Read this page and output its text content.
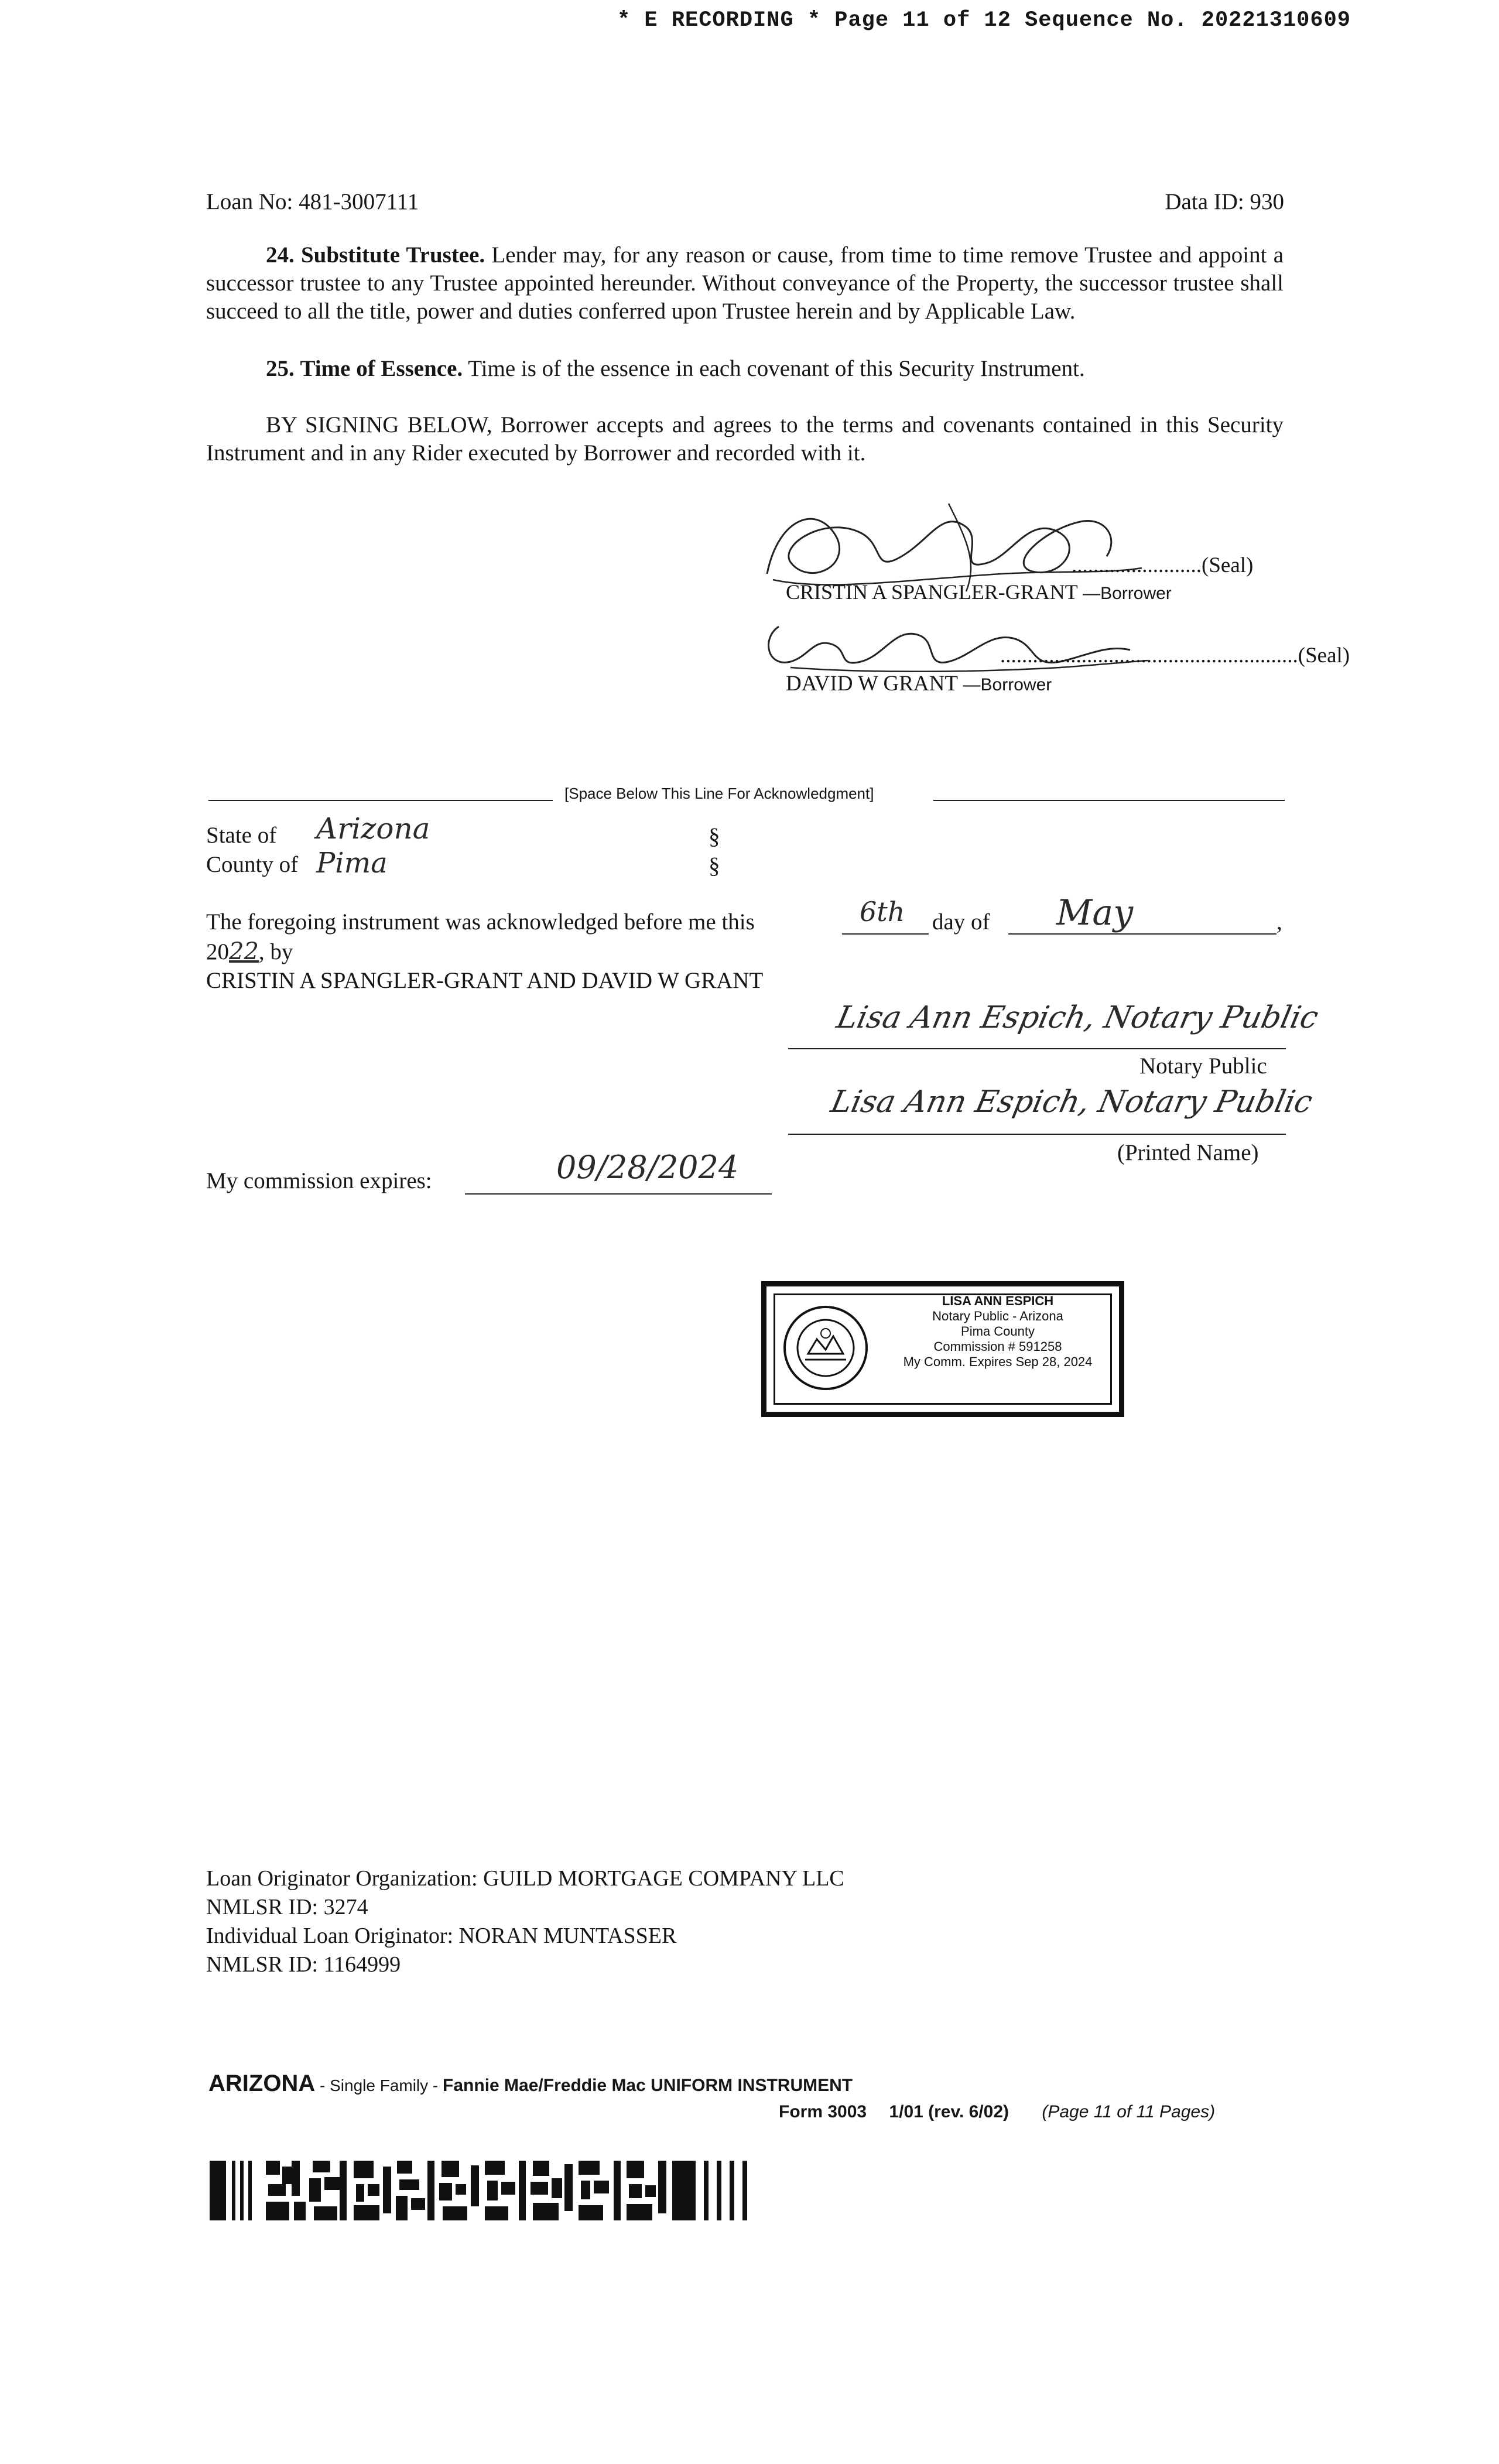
* E RECORDING * Page 11 of 12 Sequence No. 20221310609
Loan No: 481-3007111	Data ID: 930
24. Substitute Trustee. Lender may, for any reason or cause, from time to time remove Trustee and appoint a successor trustee to any Trustee appointed hereunder. Without conveyance of the Property, the successor trustee shall succeed to all the title, power and duties conferred upon Trustee herein and by Applicable Law.
25. Time of Essence. Time is of the essence in each covenant of this Security Instrument.
BY SIGNING BELOW, Borrower accepts and agrees to the terms and covenants contained in this Security Instrument and in any Rider executed by Borrower and recorded with it.
........................(Seal)
CRISTIN A SPANGLER-GRANT —Borrower
.......................................................(Seal)
DAVID W GRANT —Borrower
[Space Below This Line For Acknowledgment]
State of Arizona	§
County of Pima	§
The foregoing instrument was acknowledged before me this	6th day of May	,
2022, by
CRISTIN A SPANGLER-GRANT AND DAVID W GRANT
Lisa Ann Espich, Notary Public
Notary Public
Lisa Ann Espich, Notary Public
(Printed Name)
My commission expires:	09/28/2024
LISA ANN ESPICH
Notary Public - Arizona
Pima County
Commission # 591258
My Comm. Expires Sep 28, 2024
Loan Originator Organization: GUILD MORTGAGE COMPANY LLC
NMLSR ID: 3274
Individual Loan Originator: NORAN MUNTASSER
NMLSR ID: 1164999
ARIZONA - Single Family - Fannie Mae/Freddie Mac UNIFORM INSTRUMENT
Form 3003 1/01 (rev. 6/02) (Page 11 of 11 Pages)
